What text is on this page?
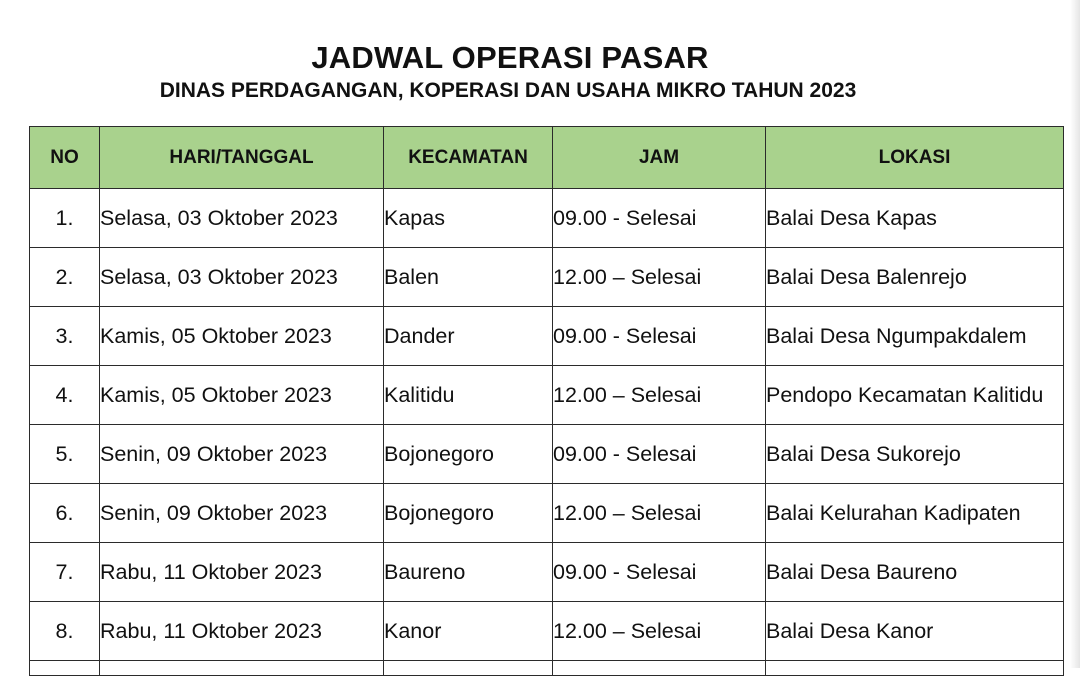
JADWAL OPERASI PASAR
DINAS PERDAGANGAN, KOPERASI DAN USAHA MIKRO TAHUN 2023
NO	HARI/TANGGAL	KECAMATAN	JAM	LOKASI
1.	Selasa, 03 Oktober 2023	Kapas	09.00 - Selesai	Balai Desa Kapas
2.	Selasa, 03 Oktober 2023	Balen	12.00 – Selesai	Balai Desa Balenrejo
3.	Kamis, 05 Oktober 2023	Dander	09.00 - Selesai	Balai Desa Ngumpakdalem
4.	Kamis, 05 Oktober 2023	Kalitidu	12.00 – Selesai	Pendopo Kecamatan Kalitidu
5.	Senin, 09 Oktober 2023	Bojonegoro	09.00 - Selesai	Balai Desa Sukorejo
6.	Senin, 09 Oktober 2023	Bojonegoro	12.00 – Selesai	Balai Kelurahan Kadipaten
7.	Rabu, 11 Oktober 2023	Baureno	09.00 - Selesai	Balai Desa Baureno
8.	Rabu, 11 Oktober 2023	Kanor	12.00 – Selesai	Balai Desa Kanor
